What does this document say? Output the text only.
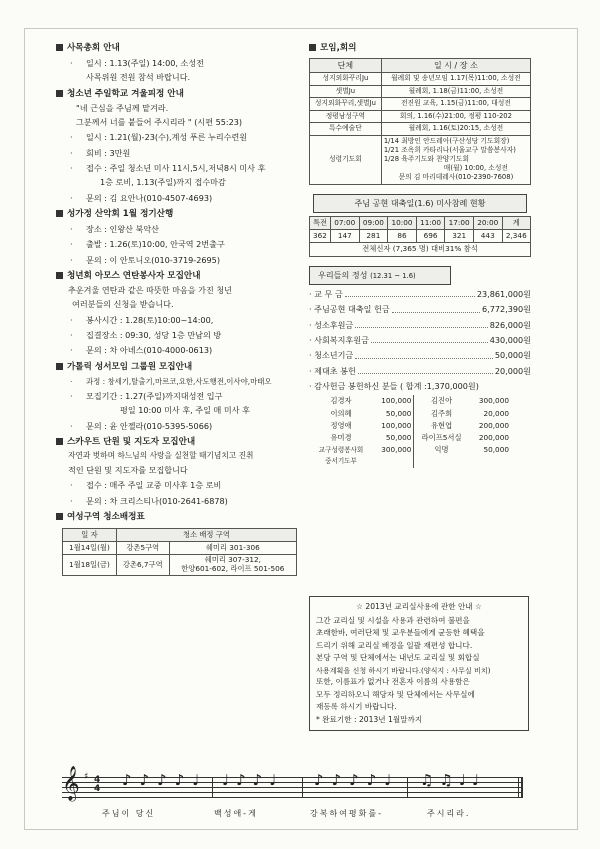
사목총회 안내
· 일시 : 1.13(주일) 14:00, 소성전
사목위원 전원 참석 바랍니다.
청소년 주일학교 겨울피정 안내
"네 근심을 주님께 맡겨라.
그분께서 너를 붙들어 주시리라 " (시편 55:23)
· 일시 : 1.21(월)-23(수),계성 푸른 누리수련원
· 회비 : 3만원
· 접수 : 주일 청소년 미사 11시,5시,저녁8시 미사 후
1층 로비, 1.13(주일)까지 접수마감
· 문의 : 김 요안나(010-4507-4693)
성가정 산악회 1월 정기산행
· 장소 : 인왕산 북악산
· 출발 : 1.26(토)10:00, 안국역 2번출구
· 문의 : 이 안토니오(010-3719-2695)
청년회 아모스 연탄봉사자 모집안내
추운겨울 연탄과 같은 따뜻한 마음을 가진 청년
여러분들의 신청을 받습니다.
· 봉사시간 : 1.28(토)10:00~14:00,
· 집결장소 : 09:30, 성당 1층 만남의 방
· 문의 : 차 아녜스(010-4000-0613)
가톨릭 성서모임 그룹원 모집안내
· 과정 : 창세기,탈출기,마르코,요한,사도행전,이사야,마태오
· 모집기간 : 1.27(주일)까지대성전 입구
평일 10:00 미사 후, 주일 매 미사 후
· 문의 : 윤 안젤라(010-5395-5066)
스카우트 단원 및 지도자 모집안내
자연과 벗하며 하느님의 사랑을 실천할 때기념치고 진취
적인 단원 및 지도자를 모집합니다
· 접수 : 매주 주일 교중 미사후 1층 로비
· 문의 : 차 크리스티나(010-2641-6878)
여성구역 청소배정표
일 자	청소 배정 구역	
1월14일(월)	강촌5구역	쉐미리 301-306
1월18일(금)	강촌6,7구역	쉐미리 307-312,
한양601-602, 라이프 501-506
모임,회의
단체	일 시 / 장 소
성지외화꾸리Ju	월례회 및 송년모임 1.17(목)11:00, 소성전
샛별Ju	월례회, 1.18(금)11:00, 소성전
성지외화꾸리,샛별Ju	전진원 교육, 1.15(금)11:00, 대성전
정평남성구역	회의, 1.16(수)21:00, 정평 110-202
특수예술단	월례회, 1.16(토)20:15, 소성전
성령기도회	1/14 최방인 안드레아(구산성당 기도회장)
1/21 조옥희 카타리나(서울교구 말씀봉사자)
1/28 육주기도와 찬양기도회
매(월) 10:00, 소성전
문의 김 마리데레사(010-2390-7608)
주님 공현 대축일(1.6) 미사참례 현황
특전	07:00	09:00	10:00	11:00	17:00	20:00	계
362	147	281	86	696	321	443	2,346
전체신자 (7,365 명) 대비31% 참석							
우리들의 정성 (12.31 ~ 1.6)
· 교 무 금	23,861,000원
· 주님공현 대축일 헌금	6,772,390원
· 성소후원금	826,000원
· 사회복지후원금	430,000원
· 청소년기금	50,000원
· 제대초 봉헌	20,000원
· 감사헌금 봉헌하신 분들 ( 합계 :1,370,000원)
김경자	100,000	김진아	300,000
이의혜	50,000	김주희	20,000
정영애	100,000	유현엽	200,000
유미경	50,000	라이프5서실	200,000
교구성령봉사회	300,000	익명	50,000
중서기도부			
☆ 2013년 교리실사용에 관한 안내 ☆
그간 교리실 및 시설을 사용과 관련하여 불편을
초래한바, 여러단체 및 교우분들에게 균등한 혜택을
드리기 위해 교리실 배정을 일괄 재편성 합니다.
본당 구역 및 단체에서는 내년도 교리실 및 회합실
사용계획을 신청 하시기 바랍니다.(양식지 : 사무실 비치)
또한, 이름표가 없거나 전혼자 이름의 사용함은
모두 정리하오니 해당자 및 단체에서는 사무실에
재등록 하시기 바랍니다.
* 완료기한 : 2013년 1월말까지
𝄞 ♯ 4
4
♪♪♪♪♩ ♩♪♪♩ ♪♪♪♪♩ ♫♫♩♩
주님이 당신	백성애-게	강복하여평화를-	주시리라.
